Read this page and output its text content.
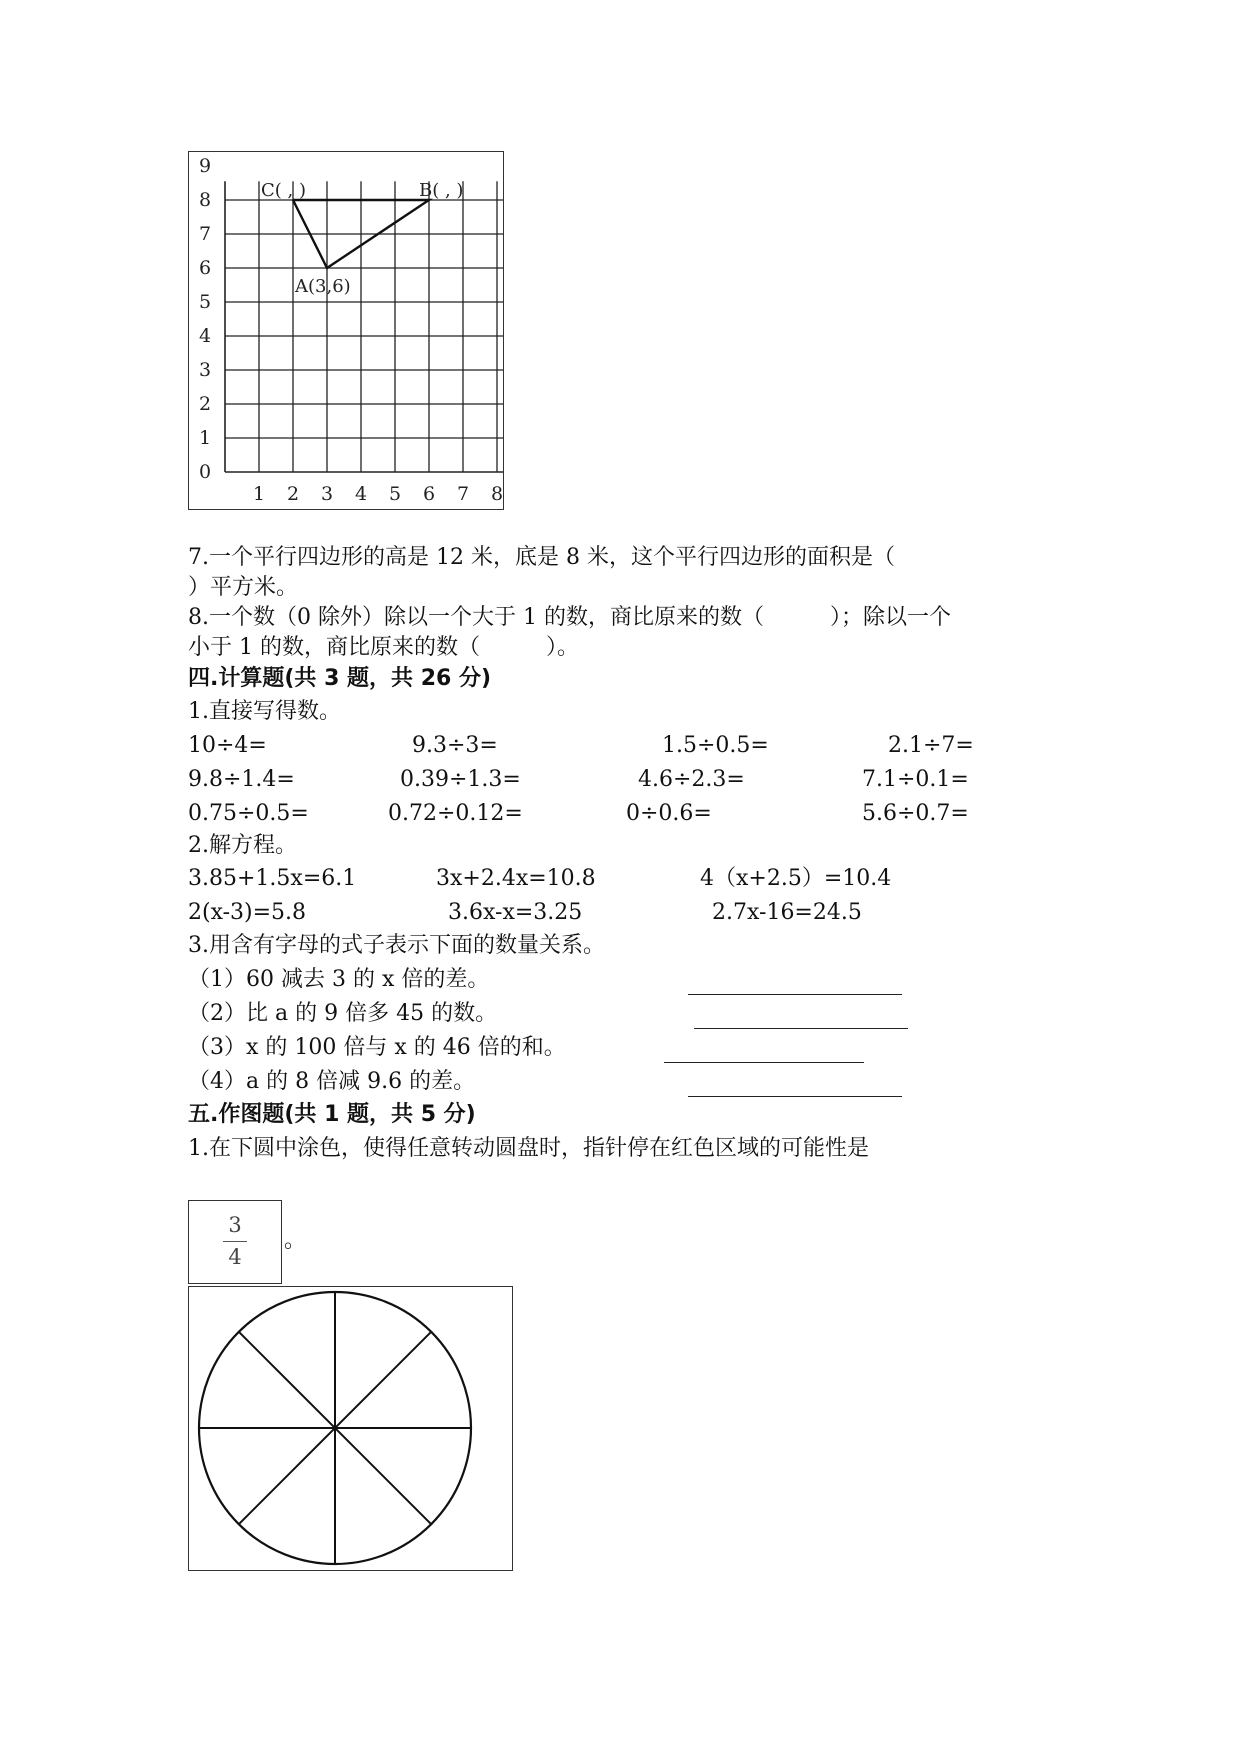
0
1
2
3
4
5
6
7
8
9
1 2 3 4 5 6 7 8
A(3,6)
B( , )
C( , )
7.一个平行四边形的高是 12 米，底是 8 米，这个平行四边形的面积是（
）平方米。
8.一个数（0 除外）除以一个大于 1 的数，商比原来的数（　　　）；除以一个
小于 1 的数，商比原来的数（　　　）。
四.计算题(共 3 题，共 26 分)
1.直接写得数。
10÷4=	9.3÷3=	1.5÷0.5=	2.1÷7=
9.8÷1.4=	0.39÷1.3=	4.6÷2.3=	7.1÷0.1=
0.75÷0.5=	0.72÷0.12=	0÷0.6=	5.6÷0.7=
2.解方程。
3.85+1.5x=6.1	3x+2.4x=10.8	4（x+2.5）=10.4
2(x-3)=5.8	3.6x-x=3.25	2.7x-16=24.5
3.用含有字母的式子表示下面的数量关系。
（1）60 减去 3 的 x 倍的差。
（2）比 a 的 9 倍多 45 的数。
（3）x 的 100 倍与 x 的 46 倍的和。
（4）a 的 8 倍减 9.6 的差。
五.作图题(共 1 题，共 5 分)
1.在下圆中涂色，使得任意转动圆盘时，指针停在红色区域的可能性是
3
4
。
